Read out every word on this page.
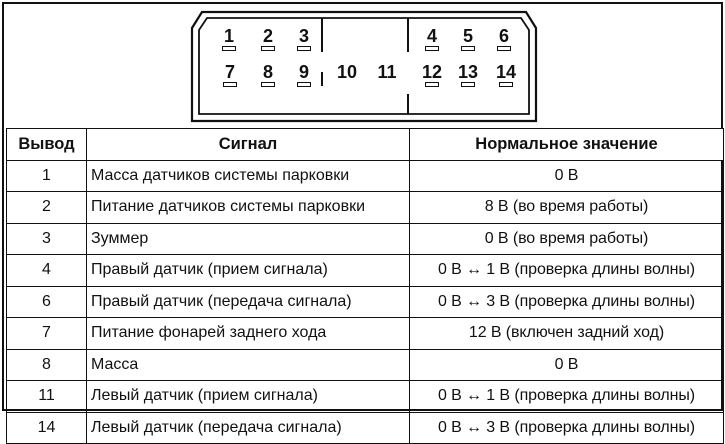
1	2	3	4	5	6
7	8	9	10	11	12 13 14
Вывод	Сигнал	Нормальное значение
1	Масса датчиков системы парковки	0 В
2	Питание датчиков системы парковки	8 В (во время работы)
3	Зуммер	0 В (во время работы)
4	Правый датчик (прием сигнала)	0 В ↔ 1 В (проверка длины волны)
6	Правый датчик (передача сигнала)	0 В ↔ 3 В (проверка длины волны)
7	Питание фонарей заднего хода	12 В (включен задний ход)
8	Масса	0 В
11	Левый датчик (прием сигнала)	0 В ↔ 1 В (проверка длины волны)
14	Левый датчик (передача сигнала)	0 В ↔ 3 В (проверка длины волны)
